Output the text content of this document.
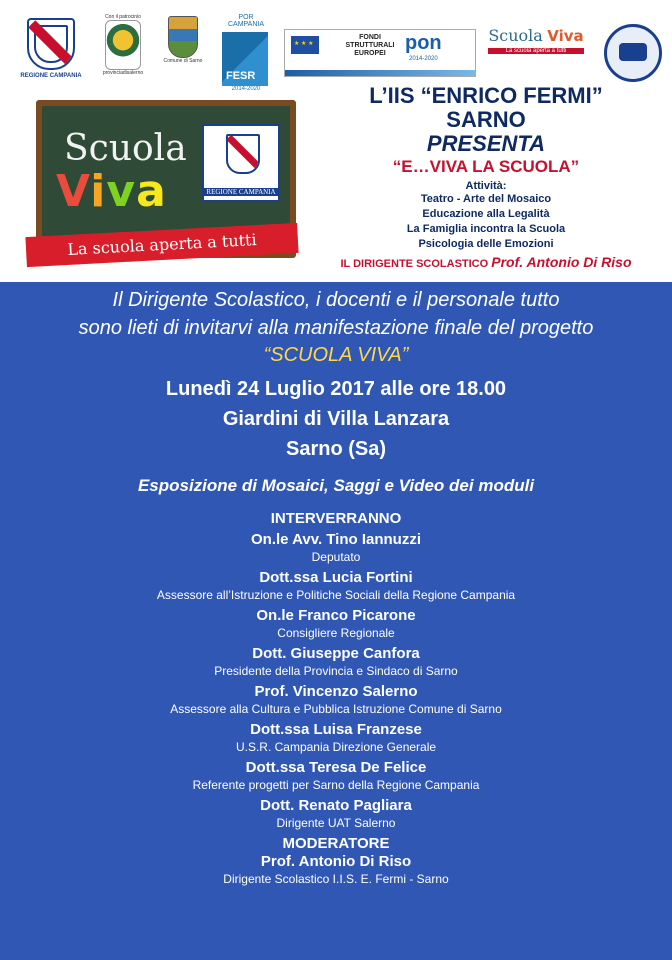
REGIONE CAMPANIA
Con il patrocinio
provinciadisalerno
Comune di Sarno
POR CAMPANIA
FESR
2014-2020
★ ★ ★
FONDI STRUTTURALI EUROPEI pon
2014-2020
Scuola Viva
La scuola aperta a tutti
Scuola
Viva	REGIONE CAMPANIA
La scuola aperta a tutti
L’IIS “ENRICO FERMI”
SARNO
PRESENTA
“E…VIVA LA SCUOLA”
Attività:
Teatro - Arte del Mosaico
Educazione alla Legalità
La Famiglia incontra la Scuola
Psicologia delle Emozioni
IL DIRIGENTE SCOLASTICO Prof. Antonio Di Riso
Il Dirigente Scolastico, i docenti e il personale tutto
sono lieti di invitarvi alla manifestazione finale del progetto
“SCUOLA VIVA”
Lunedì 24 Luglio 2017 alle ore 18.00
Giardini di Villa Lanzara
Sarno (Sa)
Esposizione di Mosaici, Saggi e Video dei moduli
INTERVERRANNO
On.le Avv. Tino Iannuzzi
Deputato
Dott.ssa Lucia Fortini
Assessore all’Istruzione e Politiche Sociali della Regione Campania
On.le Franco Picarone
Consigliere Regionale
Dott. Giuseppe Canfora
Presidente della Provincia e Sindaco di Sarno
Prof. Vincenzo Salerno
Assessore alla Cultura e Pubblica Istruzione Comune di Sarno
Dott.ssa Luisa Franzese
U.S.R. Campania Direzione Generale
Dott.ssa Teresa De Felice
Referente progetti per Sarno della Regione Campania
Dott. Renato Pagliara
Dirigente UAT Salerno
MODERATORE
Prof. Antonio Di Riso
Dirigente Scolastico I.I.S. E. Fermi - Sarno
